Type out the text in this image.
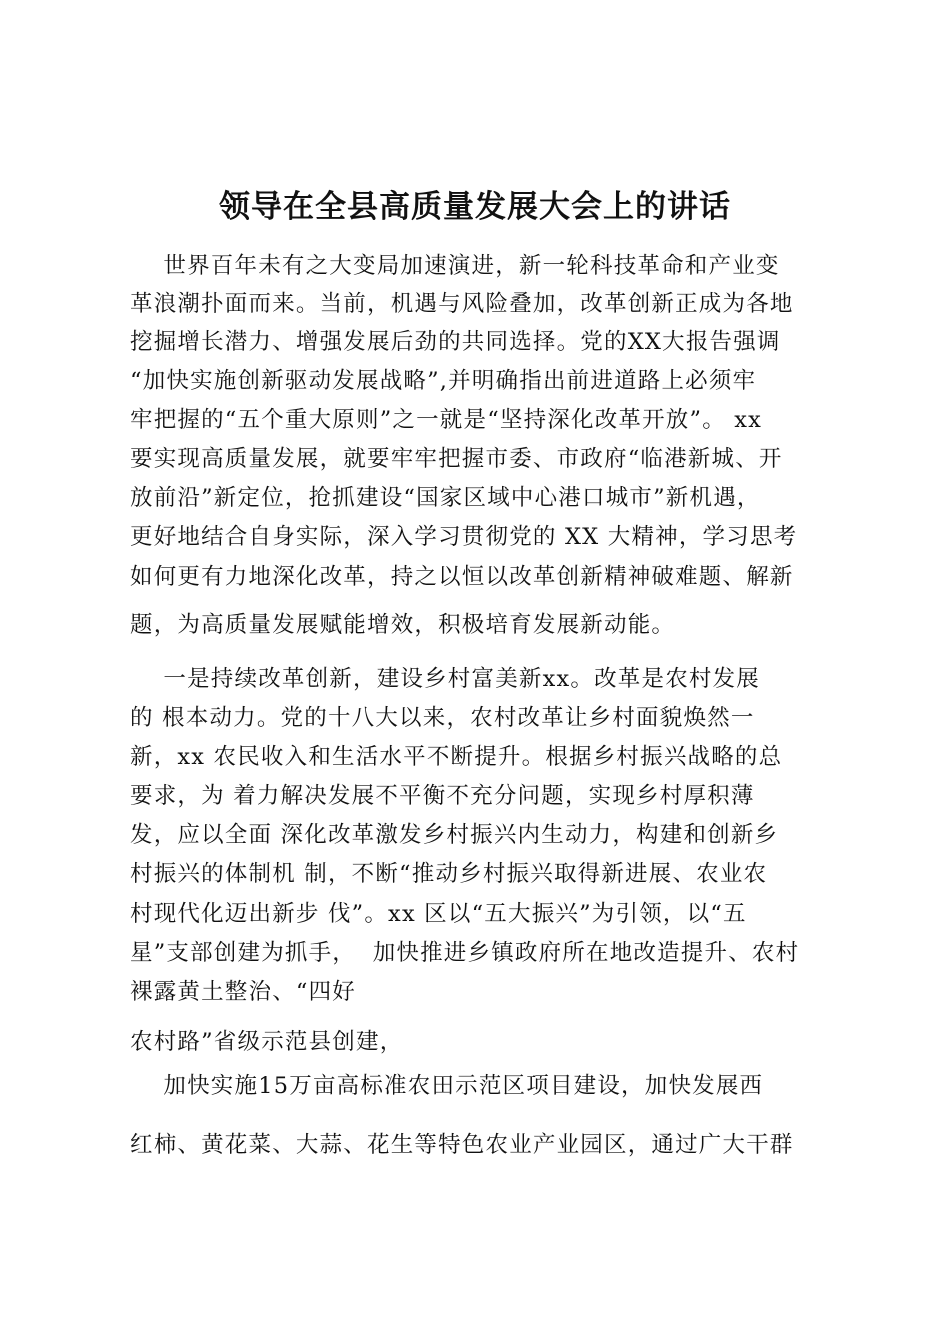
领导在全县高质量发展大会上的讲话
世界百年未有之大变局加速演进，新一轮科技革命和产业变
革浪潮扑面而来。当前，机遇与风险叠加，改革创新正成为各地
挖掘增长潜力、增强发展后劲的共同选择。党的XX大报告强调
“加快实施创新驱动发展战略”,并明确指出前进道路上必须牢
牢把握的“五个重大原则”之一就是“坚持深化改革开放”。 xx
要实现高质量发展，就要牢牢把握市委、市政府“临港新城、开
放前沿”新定位，抢抓建设“国家区域中心港口城市”新机遇，
更好地结合自身实际，深入学习贯彻党的 XX 大精神，学习思考
如何更有力地深化改革，持之以恒以改革创新精神破难题、解新
题，为高质量发展赋能增效，积极培育发展新动能。
一是持续改革创新，建设乡村富美新xx。改革是农村发展
的 根本动力。党的十八大以来，农村改革让乡村面貌焕然一
新，xx 农民收入和生活水平不断提升。根据乡村振兴战略的总
要求，为 着力解决发展不平衡不充分问题，实现乡村厚积薄
发，应以全面 深化改革激发乡村振兴内生动力，构建和创新乡
村振兴的体制机 制，不断“推动乡村振兴取得新进展、农业农
村现代化迈出新步 伐”。xx 区以“五大振兴”为引领，以“五
星”支部创建为抓手，  加快推进乡镇政府所在地改造提升、农村
裸露黄土整治、“四好
农村路”省级示范县创建，
加快实施15万亩高标准农田示范区项目建设，加快发展西
红柿、黄花菜、大蒜、花生等特色农业产业园区，通过广大干群
